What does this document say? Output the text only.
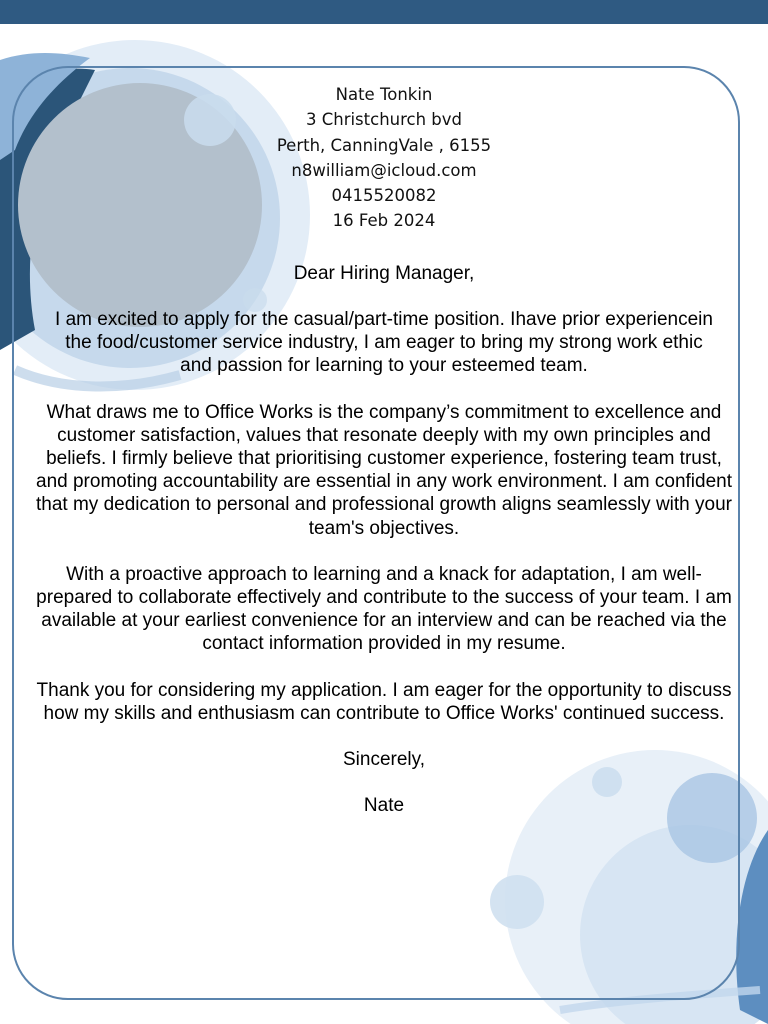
Nate Tonkin
3 Christchurch bvd
Perth, CanningVale , 6155
n8william@icloud.com
0415520082
16 Feb 2024
Dear Hiring Manager,
I am excited to apply for the casual/part-time position. Ihave prior experiencein the food/customer service industry, I am eager to bring my strong work ethic and passion for learning to your esteemed team.
What draws me to Office Works is the company’s commitment to excellence and customer satisfaction, values that resonate deeply with my own principles and beliefs. I firmly believe that prioritising customer experience, fostering team trust, and promoting accountability are essential in any work environment. I am confident that my dedication to personal and professional growth aligns seamlessly with your team's objectives.
With a proactive approach to learning and a knack for adaptation, I am well-prepared to collaborate effectively and contribute to the success of your team. I am available at your earliest convenience for an interview and can be reached via the contact information provided in my resume.
Thank you for considering my application. I am eager for the opportunity to discuss how my skills and enthusiasm can contribute to Office Works' continued success.
Sincerely,
Nate
